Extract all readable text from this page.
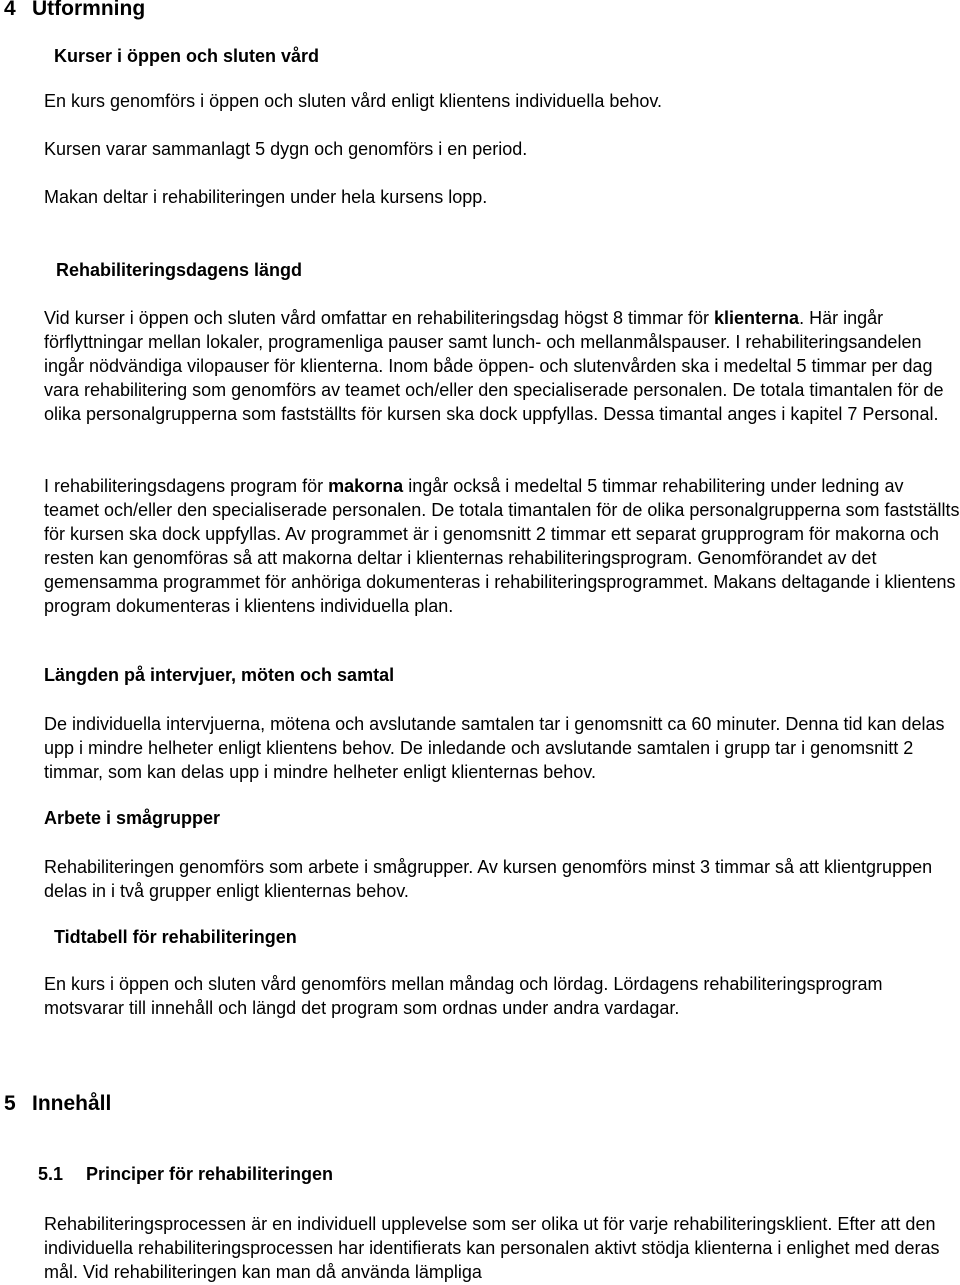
4 Utformning
Kurser i öppen och sluten vård
En kurs genomförs i öppen och sluten vård enligt klientens individuella behov.
Kursen varar sammanlagt 5 dygn och genomförs i en period.
Makan deltar i rehabiliteringen under hela kursens lopp.
Rehabiliteringsdagens längd
Vid kurser i öppen och sluten vård omfattar en rehabiliteringsdag högst 8 timmar för klienterna. Här ingår förflyttningar mellan lokaler, programenliga pauser samt lunch- och mellanmålspauser. I rehabiliteringsandelen ingår nödvändiga vilopauser för klienterna. Inom både öppen- och slutenvården ska i medeltal 5 timmar per dag vara rehabilitering som genomförs av teamet och/eller den specialiserade personalen. De totala timantalen för de olika personalgrupperna som fastställts för kursen ska dock uppfyllas. Dessa timantal anges i kapitel 7 Personal.
I rehabiliteringsdagens program för makorna ingår också i medeltal 5 timmar rehabilitering under ledning av teamet och/eller den specialiserade personalen. De totala timantalen för de olika personalgrupperna som fastställts för kursen ska dock uppfyllas. Av programmet är i genomsnitt 2 timmar ett separat grupprogram för makorna och resten kan genomföras så att makorna deltar i klienternas rehabiliteringsprogram. Genomförandet av det gemensamma programmet för anhöriga dokumenteras i rehabiliteringsprogrammet. Makans deltagande i klientens program dokumenteras i klientens individuella plan.
Längden på intervjuer, möten och samtal
De individuella intervjuerna, mötena och avslutande samtalen tar i genomsnitt ca 60 minuter. Denna tid kan delas upp i mindre helheter enligt klientens behov. De inledande och avslutande samtalen i grupp tar i genomsnitt 2 timmar, som kan delas upp i mindre helheter enligt klienternas behov.
Arbete i smågrupper
Rehabiliteringen genomförs som arbete i smågrupper. Av kursen genomförs minst 3 timmar så att klientgruppen delas in i två grupper enligt klienternas behov.
Tidtabell för rehabiliteringen
En kurs i öppen och sluten vård genomförs mellan måndag och lördag. Lördagens rehabiliteringsprogram motsvarar till innehåll och längd det program som ordnas under andra vardagar.
5 Innehåll
5.1 Principer för rehabiliteringen
Rehabiliteringsprocessen är en individuell upplevelse som ser olika ut för varje rehabiliteringsklient. Efter att den individuella rehabiliteringsprocessen har identifierats kan personalen aktivt stödja klienterna i enlighet med deras mål. Vid rehabiliteringen kan man då använda lämpliga
